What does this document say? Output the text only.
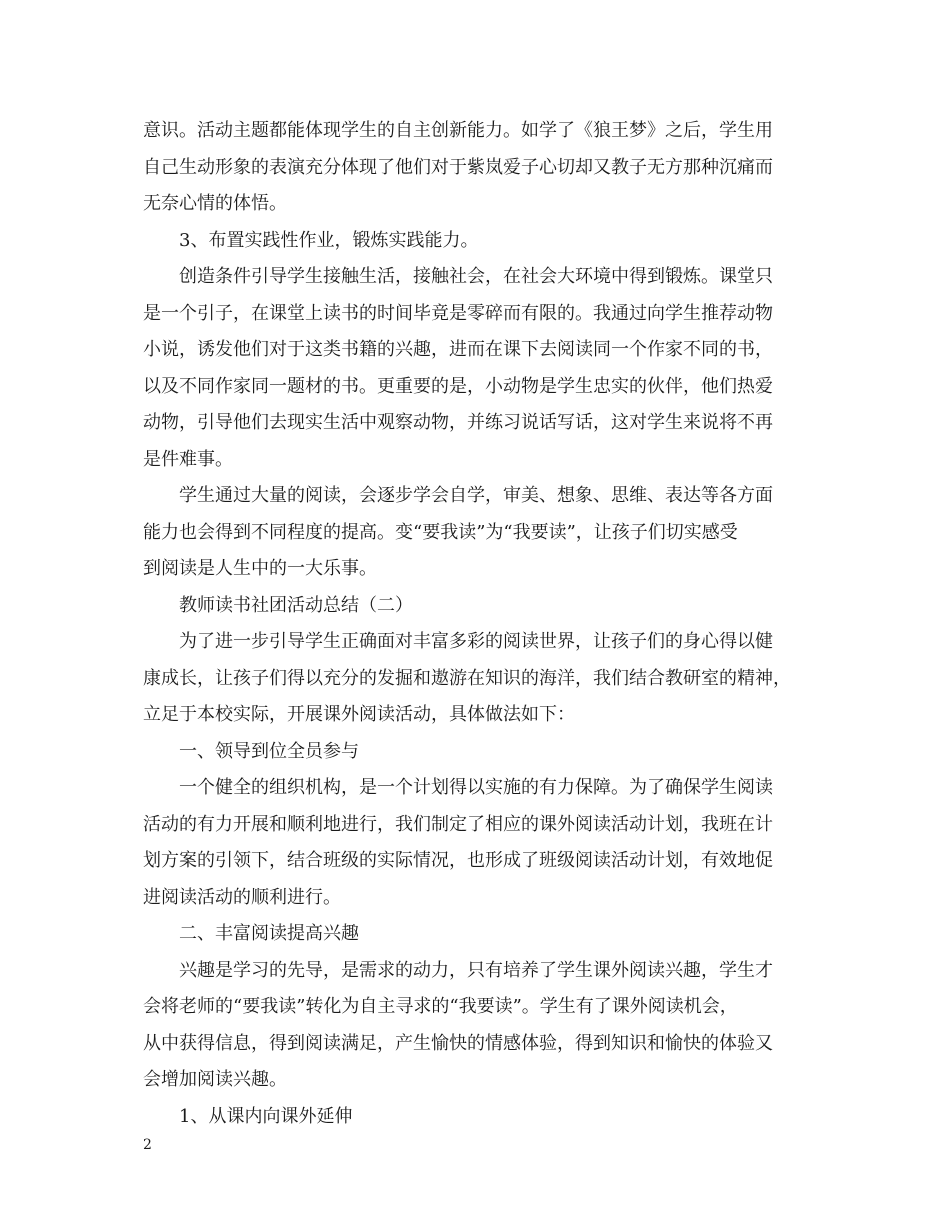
意识。活动主题都能体现学生的自主创新能力。如学了《狼王梦》之后，学生用
自己生动形象的表演充分体现了他们对于紫岚爱子心切却又教子无方那种沉痛而
无奈心情的体悟。
3、布置实践性作业，锻炼实践能力。
创造条件引导学生接触生活，接触社会，在社会大环境中得到锻炼。课堂只
是一个引子，在课堂上读书的时间毕竟是零碎而有限的。我通过向学生推荐动物
小说，诱发他们对于这类书籍的兴趣，进而在课下去阅读同一个作家不同的书，
以及不同作家同一题材的书。更重要的是，小动物是学生忠实的伙伴，他们热爱
动物，引导他们去现实生活中观察动物，并练习说话写话，这对学生来说将不再
是件难事。
学生通过大量的阅读，会逐步学会自学，审美、想象、思维、表达等各方面
能力也会得到不同程度的提高。变“要我读”为“我要读”，让孩子们切实感受
到阅读是人生中的一大乐事。
教师读书社团活动总结（二）
为了进一步引导学生正确面对丰富多彩的阅读世界，让孩子们的身心得以健
康成长，让孩子们得以充分的发掘和遨游在知识的海洋，我们结合教研室的精神，
立足于本校实际，开展课外阅读活动，具体做法如下：
一、领导到位全员参与
一个健全的组织机构，是一个计划得以实施的有力保障。为了确保学生阅读
活动的有力开展和顺利地进行，我们制定了相应的课外阅读活动计划，我班在计
划方案的引领下，结合班级的实际情况，也形成了班级阅读活动计划，有效地促
进阅读活动的顺利进行。
二、丰富阅读提高兴趣
兴趣是学习的先导，是需求的动力，只有培养了学生课外阅读兴趣，学生才
会将老师的“要我读”转化为自主寻求的“我要读”。学生有了课外阅读机会，
从中获得信息，得到阅读满足，产生愉快的情感体验，得到知识和愉快的体验又
会增加阅读兴趣。
1、从课内向课外延伸
2
